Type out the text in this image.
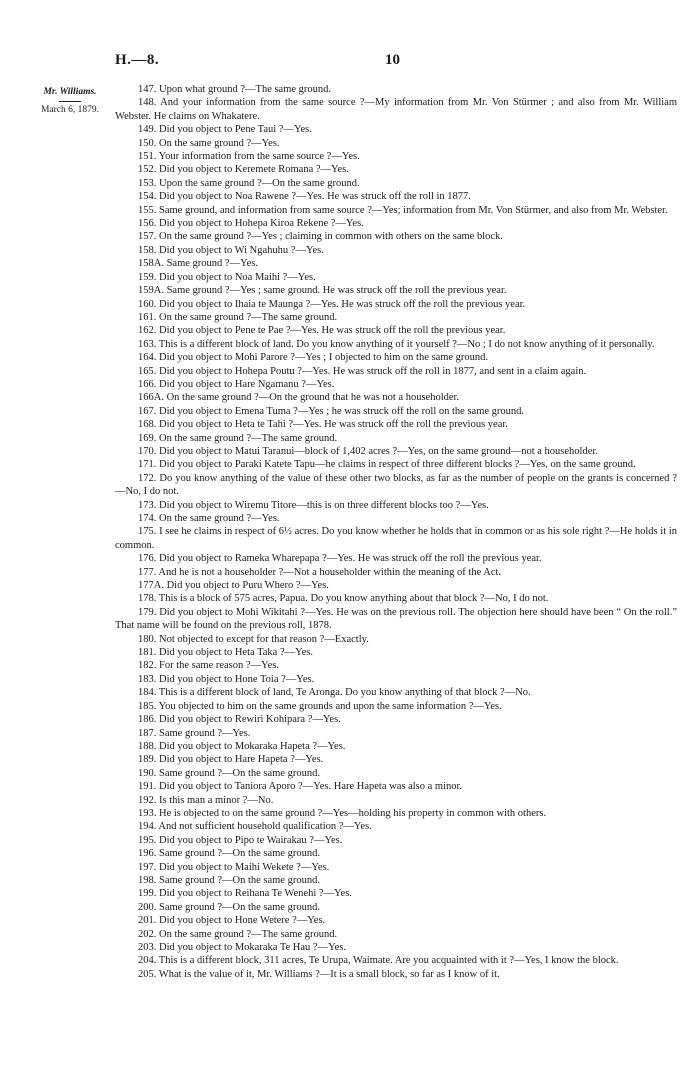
H.—8.	10
Mr. Williams.
March 6, 1879.

147. Upon what ground ?—The same ground.

148. And your information from the same source ?—My information from Mr. Von Stürmer ; and also from Mr. William Webster. He claims on Whakatere.

149. Did you object to Pene Taui ?—Yes.

150. On the same ground ?—Yes.

151. Your information from the same source ?—Yes.

152. Did you object to Keremete Romana ?—Yes.

153. Upon the same ground ?—On the same ground.

154. Did you object to Noa Rawene ?—Yes. He was struck off the roll in 1877.

155. Same ground, and information from same source ?—Yes; information from Mr. Von Stürmer, and also from Mr. Webster.

156. Did you object to Hohepa Kiroa Rekene ?—Yes.

157. On the same ground ?—Yes ; claiming in common with others on the same block.

158. Did you object to Wi Ngahuhu ?—Yes.

158A. Same ground ?—Yes.

159. Did you object to Noa Maihi ?—Yes.

159A. Same ground ?—Yes ; same ground. He was struck off the roll the previous year.

160. Did you object to Ihaia te Maunga ?—Yes. He was struck off the roll the previous year.

161. On the same ground ?—The same ground.

162. Did you object to Pene te Pae ?—Yes. He was struck off the roll the previous year.

163. This is a different block of land. Do you know anything of it yourself ?—No ; I do not know anything of it personally.

164. Did you object to Mohi Parore ?—Yes ; I objected to him on the same ground.

165. Did you object to Hohepa Poutu ?—Yes. He was struck off the roll in 1877, and sent in a claim again.

166. Did you object to Hare Ngamanu ?—Yes.

166A. On the same ground ?—On the ground that he was not a householder.

167. Did you object to Emena Tuma ?—Yes ; he was struck off the roll on the same ground.

168. Did you object to Heta te Tahi ?—Yes. He was struck off the roll the previous year.

169. On the same ground ?—The same ground.

170. Did you object to Matui Taranui—block of 1,402 acres ?—Yes, on the same ground—not a householder.

171. Did you object to Paraki Katete Tapu—he claims in respect of three different blocks ?—Yes, on the same ground.

172. Do you know anything of the value of these other two blocks, as far as the number of people on the grants is concerned ?—No, I do not.

173. Did you object to Wiremu Titore—this is on three different blocks too ?—Yes.

174. On the same ground ?—Yes.

175. I see he claims in respect of 6½ acres. Do you know whether he holds that in common or as his sole right ?—He holds it in common.

176. Did you object to Rameka Wharepapa ?—Yes. He was struck off the roll the previous year.

177. And he is not a householder ?—Not a householder within the meaning of the Act.

177A. Did you object to Puru Whero ?—Yes.

178. This is a block of 575 acres, Papua. Do you know anything about that block ?—No, I do not.

179. Did you object to Mohi Wikitahi ?—Yes. He was on the previous roll. The objection here should have been “ On the roll.” That name will be found on the previous roll, 1878.

180. Not objected to except for that reason ?—Exactly.

181. Did you object to Heta Taka ?—Yes.

182. For the same reason ?—Yes.

183. Did you object to Hone Toia ?—Yes.

184. This is a different block of land, Te Aronga. Do you know anything of that block ?—No.

185. You objected to him on the same grounds and upon the same information ?—Yes.

186. Did you object to Rewiri Kohipara ?—Yes.

187. Same ground ?—Yes.

188. Did you object to Mokaraka Hapeta ?—Yes.

189. Did you object to Hare Hapeta ?—Yes.

190. Same ground ?—On the same ground.

191. Did you object to Taniora Aporo ?—Yes. Hare Hapeta was also a minor.

192. Is this man a minor ?—No.

193. He is objected to on the same ground ?—Yes—holding his property in common with others.

194. And not sufficient household qualification ?—Yes.

195. Did you object to Pipo te Wairakau ?—Yes.

196. Same ground ?—On the same ground.

197. Did you object to Maihi Wekete ?—Yes.

198. Same ground ?—On the same ground.

199. Did you object to Reihana Te Wenehi ?—Yes.

200. Same ground ?—On the same ground.

201. Did you object to Hone Wetere ?—Yes.

202. On the same ground ?—The same ground.

203. Did you object to Mokaraka Te Hau ?—Yes.

204. This is a different block, 311 acres, Te Urupa, Waimate. Are you acquainted with it ?—Yes, I know the block.

205. What is the value of it, Mr. Williams ?—It is a small block, so far as I know of it.
